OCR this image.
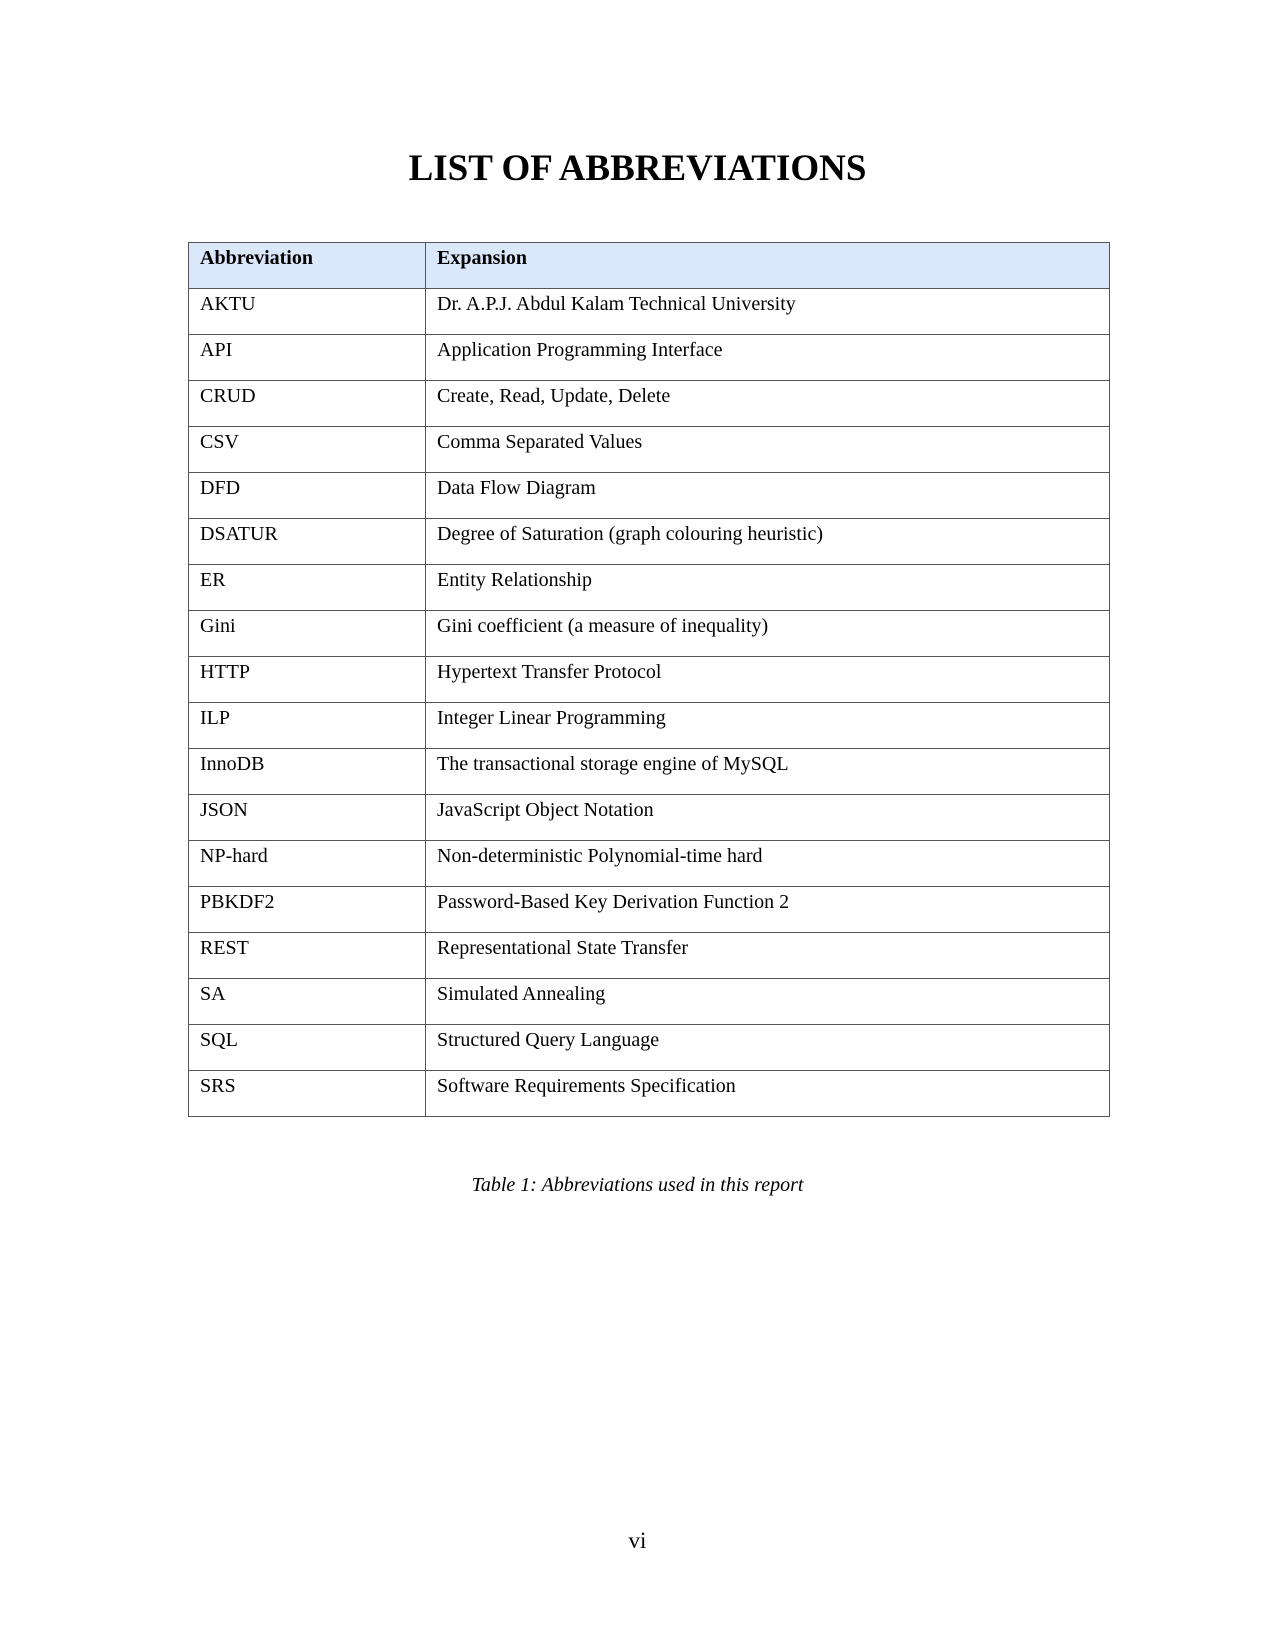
LIST OF ABBREVIATIONS
Abbreviation	Expansion
AKTU	Dr. A.P.J. Abdul Kalam Technical University
API	Application Programming Interface
CRUD	Create, Read, Update, Delete
CSV	Comma Separated Values
DFD	Data Flow Diagram
DSATUR	Degree of Saturation (graph colouring heuristic)
ER	Entity Relationship
Gini	Gini coefficient (a measure of inequality)
HTTP	Hypertext Transfer Protocol
ILP	Integer Linear Programming
InnoDB	The transactional storage engine of MySQL
JSON	JavaScript Object Notation
NP-hard	Non-deterministic Polynomial-time hard
PBKDF2	Password-Based Key Derivation Function 2
REST	Representational State Transfer
SA	Simulated Annealing
SQL	Structured Query Language
SRS	Software Requirements Specification
Table 1: Abbreviations used in this report
vi
